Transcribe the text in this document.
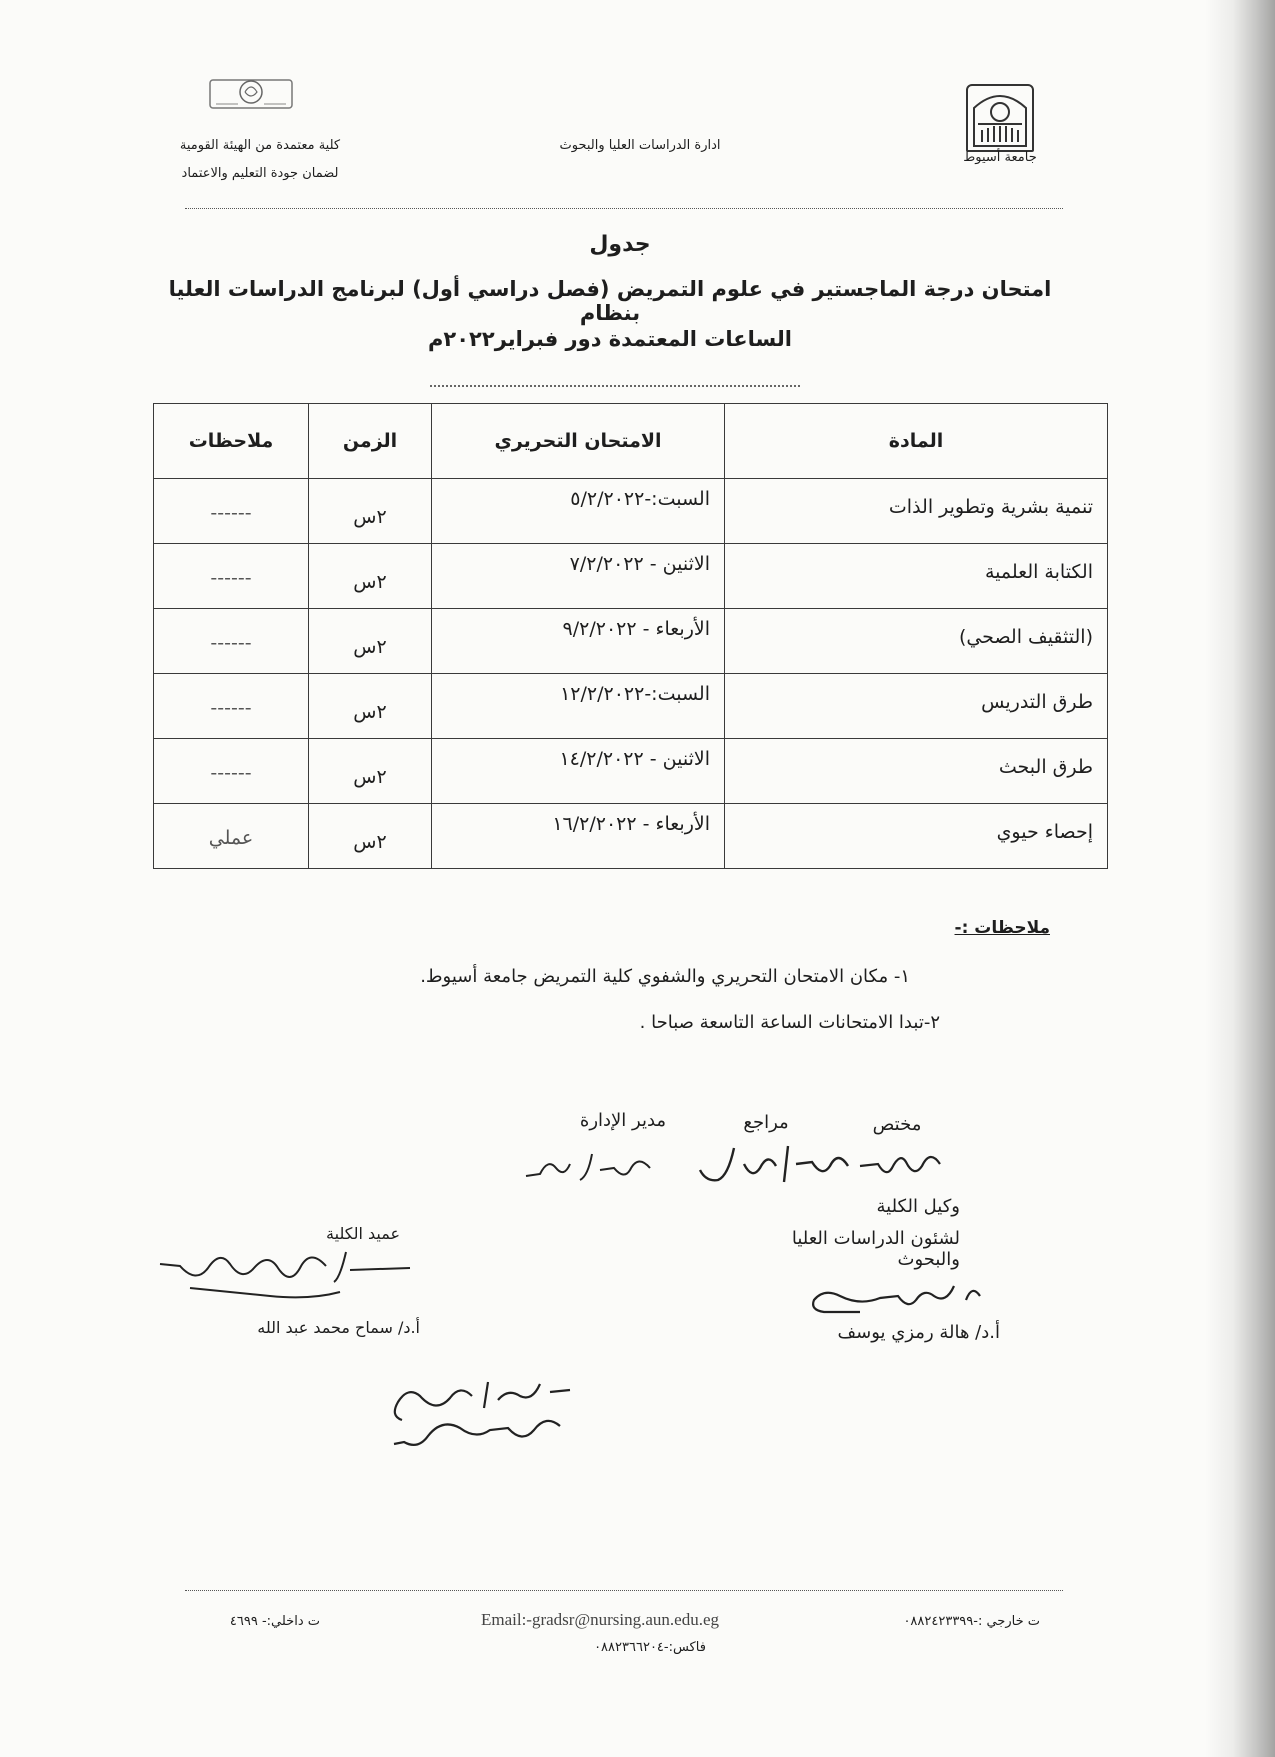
جامعة أسيوط
ادارة الدراسات العليا والبحوث
كلية معتمدة من الهيئة القومية
لضمان جودة التعليم والاعتماد
جدول
امتحان درجة الماجستير في علوم التمريض (فصل دراسي أول) لبرنامج الدراسات العليا بنظام
الساعات المعتمدة دور فبراير٢٠٢٢م
المادة	الامتحان التحريري	الزمن	ملاحظات
تنمية بشرية وتطوير الذات	السبت:-٥/٢/٢٠٢٢	٢س	------
الكتابة العلمية	الاثنين - ٧/٢/٢٠٢٢	٢س	------
(التثقيف الصحي)	الأربعاء - ٩/٢/٢٠٢٢	٢س	------
طرق التدريس	السبت:-١٢/٢/٢٠٢٢	٢س	------
طرق البحث	الاثنين - ١٤/٢/٢٠٢٢	٢س	------
إحصاء حيوي	الأربعاء - ١٦/٢/٢٠٢٢	٢س	عملي
ملاحظات :-
١- مكان الامتحان التحريري والشفوي كلية التمريض جامعة أسيوط.
٢-تبدا الامتحانات الساعة التاسعة صباحا .
مختص
مراجع
مدير الإدارة
وكيل الكلية
لشئون الدراسات العليا والبحوث
أ.د/ هالة رمزي يوسف
عميد الكلية
أ.د/ سماح محمد عبد الله
ت خارجي :-٠٨٨٢٤٢٣٣٩٩
Email:-gradsr@nursing.aun.edu.eg
ت داخلي:- ٤٦٩٩
فاكس:-٠٨٨٢٣٦٦٢٠٤
